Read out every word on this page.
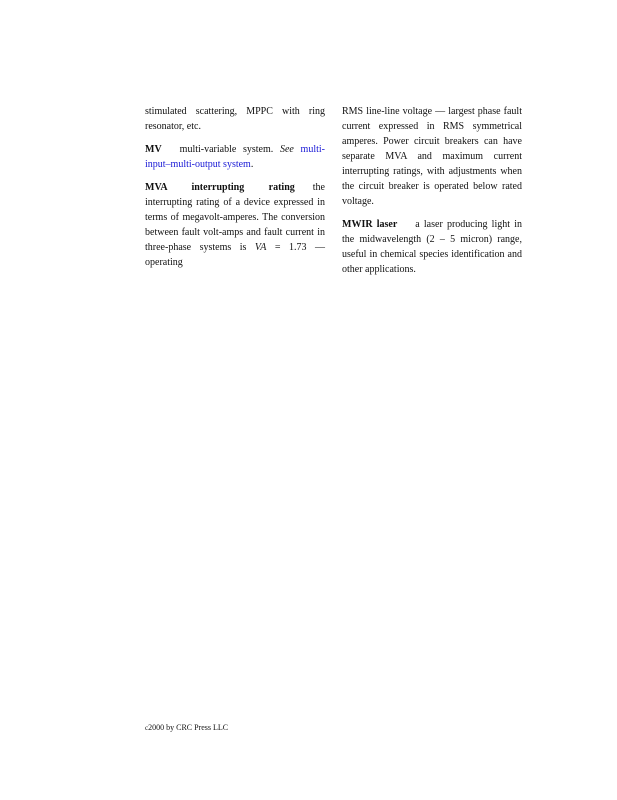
stimulated scattering, MPPC with ring resonator, etc.

MV multi-variable system. See multi-input–multi-output system.

MVA interrupting rating the interrupting rating of a device expressed in terms of megavolt-amperes. The conversion between fault volt-amps and fault current in three-phase systems is VA = 1.73 — operating

RMS line-line voltage — largest phase fault current expressed in RMS symmetrical amperes. Power circuit breakers can have separate MVA and maximum current interrupting ratings, with adjustments when the circuit breaker is operated below rated voltage.

MWIR laser a laser producing light in the midwavelength (2 – 5 micron) range, useful in chemical species identification and other applications.

c2000 by CRC Press LLC
